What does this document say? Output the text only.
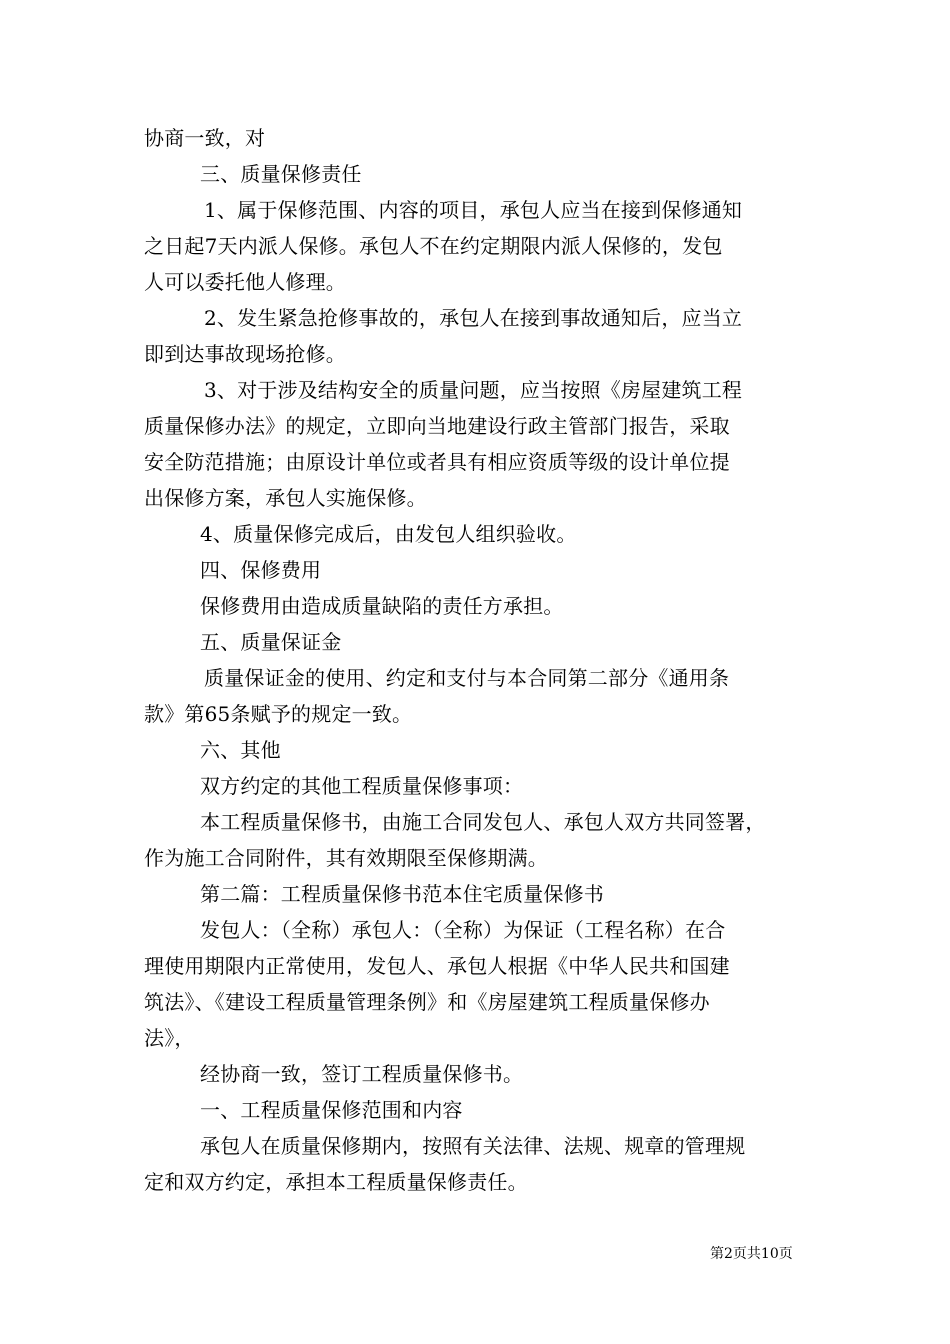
协商一致，对
三、质量保修责任
1、属于保修范围、内容的项目，承包人应当在接到保修通知
之日起7天内派人保修。承包人不在约定期限内派人保修的，发包
人可以委托他人修理。
2、发生紧急抢修事故的，承包人在接到事故通知后，应当立
即到达事故现场抢修。
3、对于涉及结构安全的质量问题，应当按照《房屋建筑工程
质量保修办法》的规定，立即向当地建设行政主管部门报告，采取
安全防范措施；由原设计单位或者具有相应资质等级的设计单位提
出保修方案，承包人实施保修。
4、质量保修完成后，由发包人组织验收。
四、保修费用
保修费用由造成质量缺陷的责任方承担。
五、质量保证金
质量保证金的使用、约定和支付与本合同第二部分《通用条
款》第65条赋予的规定一致。
六、其他
双方约定的其他工程质量保修事项：
本工程质量保修书，由施工合同发包人、承包人双方共同签署，
作为施工合同附件，其有效期限至保修期满。
第二篇：工程质量保修书范本住宅质量保修书
发包人：（全称）承包人：（全称）为保证（工程名称）在合
理使用期限内正常使用，发包人、承包人根据《中华人民共和国建
筑法》、《建设工程质量管理条例》和《房屋建筑工程质量保修办
法》，
经协商一致，签订工程质量保修书。
一、工程质量保修范围和内容
承包人在质量保修期内，按照有关法律、法规、规章的管理规
定和双方约定，承担本工程质量保修责任。
第2页共10页
